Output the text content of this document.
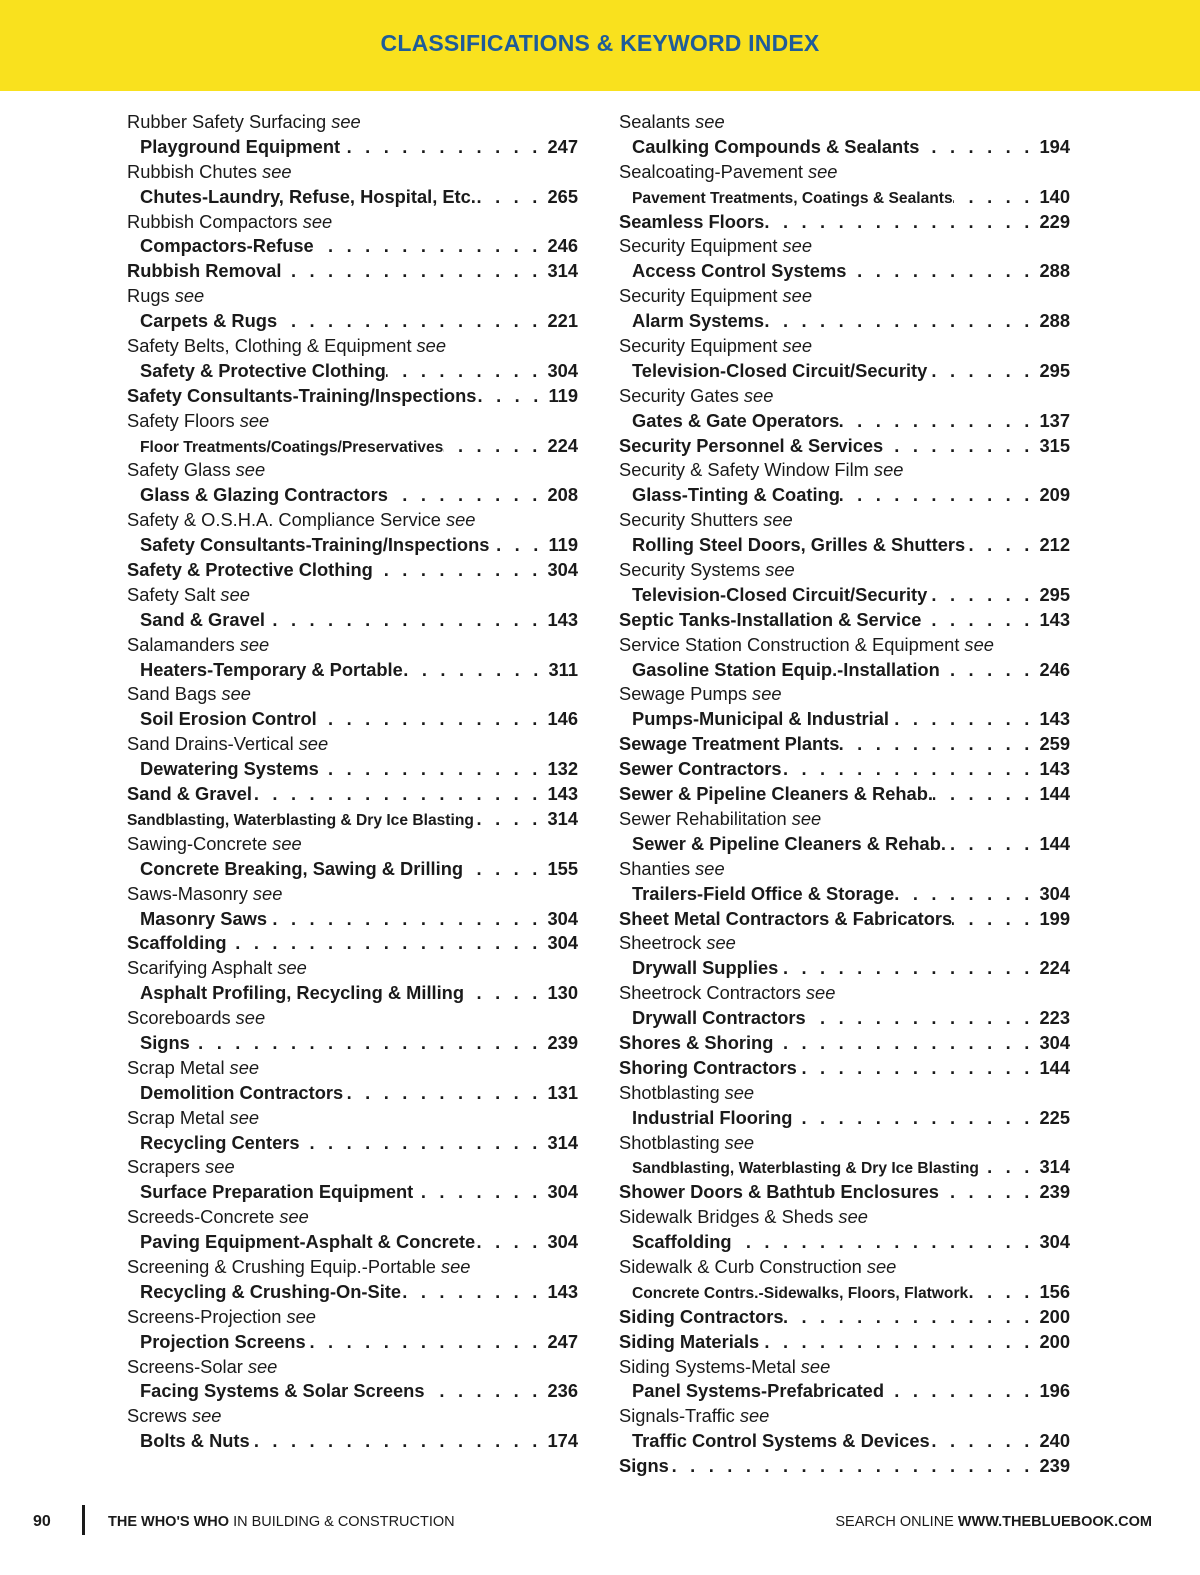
CLASSIFICATIONS & KEYWORD INDEX
Rubber Safety Surfacing see
Playground Equipment . . .	247
Rubbish Chutes see
Chutes-Laundry, Refuse, Hospital, Etc. . . .	265
Rubbish Compactors see
Compactors-Refuse . . .	246
Rubbish Removal . . .	314
Rugs see
Carpets & Rugs . . .	221
Safety Belts, Clothing & Equipment see
Safety & Protective Clothing . . .	304
Safety Consultants-Training/Inspections . . .	119
Safety Floors see
Floor Treatments/Coatings/Preservatives . . .	224
Safety Glass see
Glass & Glazing Contractors . . .	208
Safety & O.S.H.A. Compliance Service see
Safety Consultants-Training/Inspections . . .	119
Safety & Protective Clothing . . .	304
Safety Salt see
Sand & Gravel . . .	143
Salamanders see
Heaters-Temporary & Portable . . .	311
Sand Bags see
Soil Erosion Control . . .	146
Sand Drains-Vertical see
Dewatering Systems . . .	132
Sand & Gravel . . .	143
Sandblasting, Waterblasting & Dry Ice Blasting . . .	314
Sawing-Concrete see
Concrete Breaking, Sawing & Drilling . . .	155
Saws-Masonry see
Masonry Saws . . .	304
Scaffolding . . .	304
Scarifying Asphalt see
Asphalt Profiling, Recycling & Milling . . .	130
Scoreboards see
Signs . . .	239
Scrap Metal see
Demolition Contractors . . .	131
Scrap Metal see
Recycling Centers . . .	314
Scrapers see
Surface Preparation Equipment . . .	304
Screeds-Concrete see
Paving Equipment-Asphalt & Concrete . . .	304
Screening & Crushing Equip.-Portable see
Recycling & Crushing-On-Site . . .	143
Screens-Projection see
Projection Screens . . .	247
Screens-Solar see
Facing Systems & Solar Screens . . .	236
Screws see
Bolts & Nuts . . .	174
Sealants see
Caulking Compounds & Sealants . . .	194
Sealcoating-Pavement see
Pavement Treatments, Coatings & Sealants . . .	140
Seamless Floors . . .	229
Security Equipment see
Access Control Systems . . .	288
Security Equipment see
Alarm Systems . . .	288
Security Equipment see
Television-Closed Circuit/Security . . .	295
Security Gates see
Gates & Gate Operators . . .	137
Security Personnel & Services . . .	315
Security & Safety Window Film see
Glass-Tinting & Coating . . .	209
Security Shutters see
Rolling Steel Doors, Grilles & Shutters . . .	212
Security Systems see
Television-Closed Circuit/Security . . .	295
Septic Tanks-Installation & Service . . .	143
Service Station Construction & Equipment see
Gasoline Station Equip.-Installation . . .	246
Sewage Pumps see
Pumps-Municipal & Industrial . . .	143
Sewage Treatment Plants . . .	259
Sewer Contractors . . .	143
Sewer & Pipeline Cleaners & Rehab. . . .	144
Sewer Rehabilitation see
Sewer & Pipeline Cleaners & Rehab. . . .	144
Shanties see
Trailers-Field Office & Storage . . .	304
Sheet Metal Contractors & Fabricators . . .	199
Sheetrock see
Drywall Supplies . . .	224
Sheetrock Contractors see
Drywall Contractors . . .	223
Shores & Shoring . . .	304
Shoring Contractors . . .	144
Shotblasting see
Industrial Flooring . . .	225
Shotblasting see
Sandblasting, Waterblasting & Dry Ice Blasting . . .	314
Shower Doors & Bathtub Enclosures . . .	239
Sidewalk Bridges & Sheds see
Scaffolding . . .	304
Sidewalk & Curb Construction see
Concrete Contrs.-Sidewalks, Floors, Flatwork . . .	156
Siding Contractors . . .	200
Siding Materials . . .	200
Siding Systems-Metal see
Panel Systems-Prefabricated . . .	196
Signals-Traffic see
Traffic Control Systems & Devices . . .	240
Signs . . .	239
90	THE WHO'S WHO IN BUILDING & CONSTRUCTION	SEARCH ONLINE WWW.THEBLUEBOOK.COM
